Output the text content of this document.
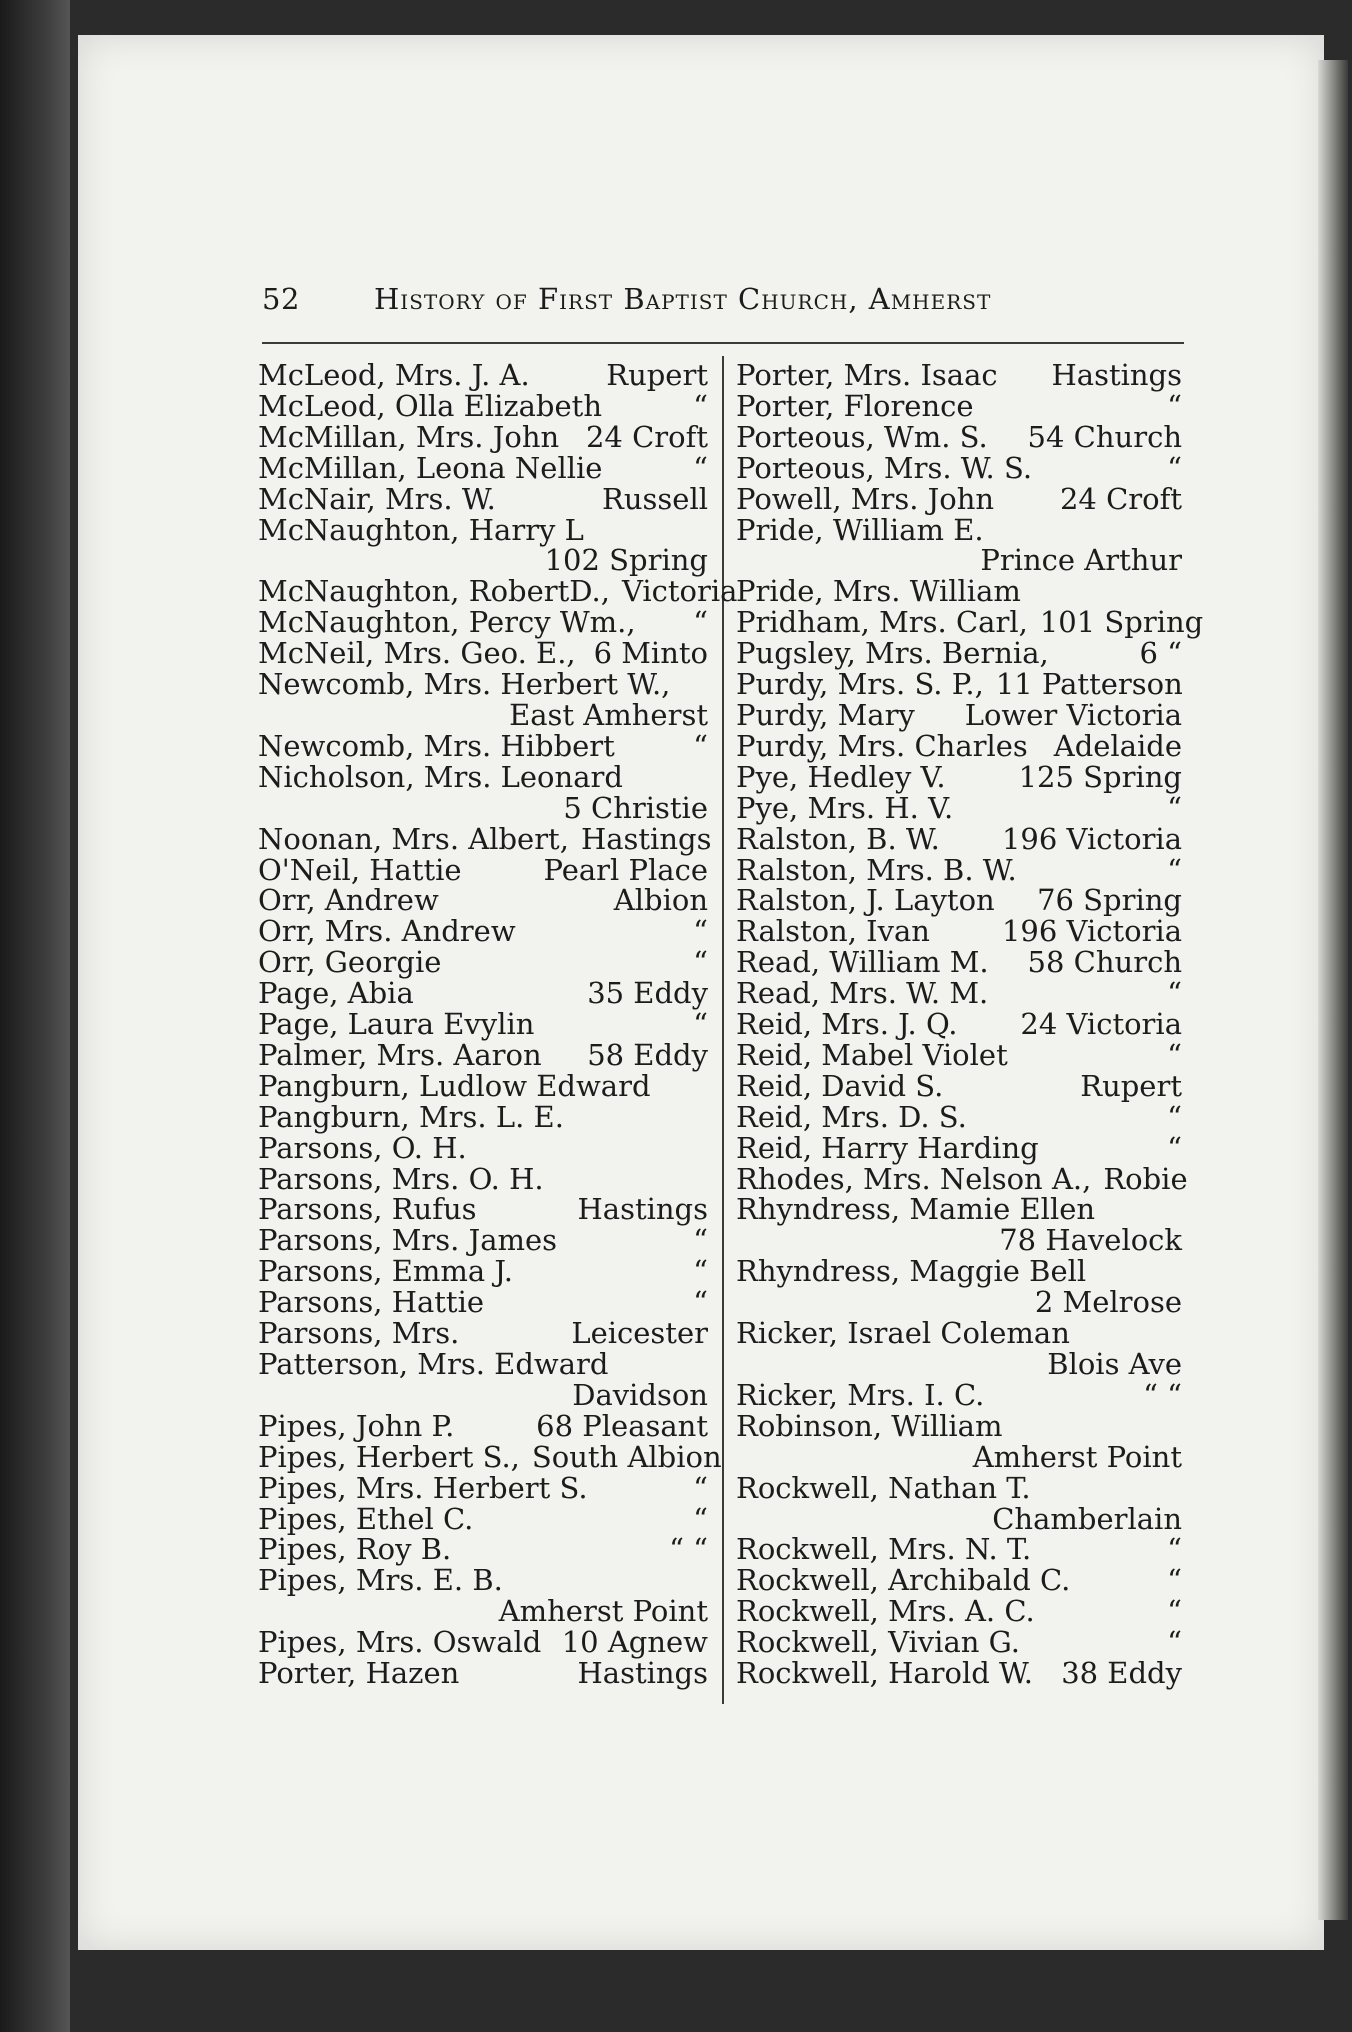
52	History of First Baptist Church, Amherst
McLeod, Mrs. J. A.	Rupert
McLeod, Olla Elizabeth	“
McMillan, Mrs. John 24 Croft
McMillan, Leona Nellie	“
McNair, Mrs. W.	Russell
McNaughton, Harry L
102 Spring
McNaughton, RobertD., Victoria
McNaughton, Percy Wm.,	“
McNeil, Mrs. Geo. E., 6 Minto
Newcomb, Mrs. Herbert W.,
East Amherst
Newcomb, Mrs. Hibbert	“
Nicholson, Mrs. Leonard
5 Christie
Noonan, Mrs. Albert, Hastings
O'Neil, Hattie	Pearl Place
Orr, Andrew	Albion
Orr, Mrs. Andrew	“
Orr, Georgie	“
Page, Abia	35 Eddy
Page, Laura Evylin	“
Palmer, Mrs. Aaron	58 Eddy
Pangburn, Ludlow Edward
Pangburn, Mrs. L. E.
Parsons, O. H.
Parsons, Mrs. O. H.
Parsons, Rufus	Hastings
Parsons, Mrs. James	“
Parsons, Emma J.	“
Parsons, Hattie	“
Parsons, Mrs.	Leicester
Patterson, Mrs. Edward
Davidson
Pipes, John P.	68 Pleasant
Pipes, Herbert S., South Albion
Pipes, Mrs. Herbert S.	“
Pipes, Ethel C.	“
Pipes, Roy B.	“ “
Pipes, Mrs. E. B.
Amherst Point
Pipes, Mrs. Oswald 10 Agnew
Porter, Hazen	Hastings
Porter, Mrs. Isaac	Hastings
Porter, Florence	“
Porteous, Wm. S.	54 Church
Porteous, Mrs. W. S.	“
Powell, Mrs. John	24 Croft
Pride, William E.
Prince Arthur
Pride, Mrs. William
Pridham, Mrs. Carl, 101 Spring
Pugsley, Mrs. Bernia,	6 “
Purdy, Mrs. S. P., 11 Patterson
Purdy, Mary	Lower Victoria
Purdy, Mrs. Charles Adelaide
Pye, Hedley V.	125 Spring
Pye, Mrs. H. V.	“
Ralston, B. W.	196 Victoria
Ralston, Mrs. B. W.	“
Ralston, J. Layton	76 Spring
Ralston, Ivan	196 Victoria
Read, William M.	58 Church
Read, Mrs. W. M.	“
Reid, Mrs. J. Q.	24 Victoria
Reid, Mabel Violet	“
Reid, David S.	Rupert
Reid, Mrs. D. S.	“
Reid, Harry Harding	“
Rhodes, Mrs. Nelson A., Robie
Rhyndress, Mamie Ellen
78 Havelock
Rhyndress, Maggie Bell
2 Melrose
Ricker, Israel Coleman
Blois Ave
Ricker, Mrs. I. C.	“ “
Robinson, William
Amherst Point
Rockwell, Nathan T.
Chamberlain
Rockwell, Mrs. N. T.	“
Rockwell, Archibald C.	“
Rockwell, Mrs. A. C.	“
Rockwell, Vivian G.	“
Rockwell, Harold W. 38 Eddy
